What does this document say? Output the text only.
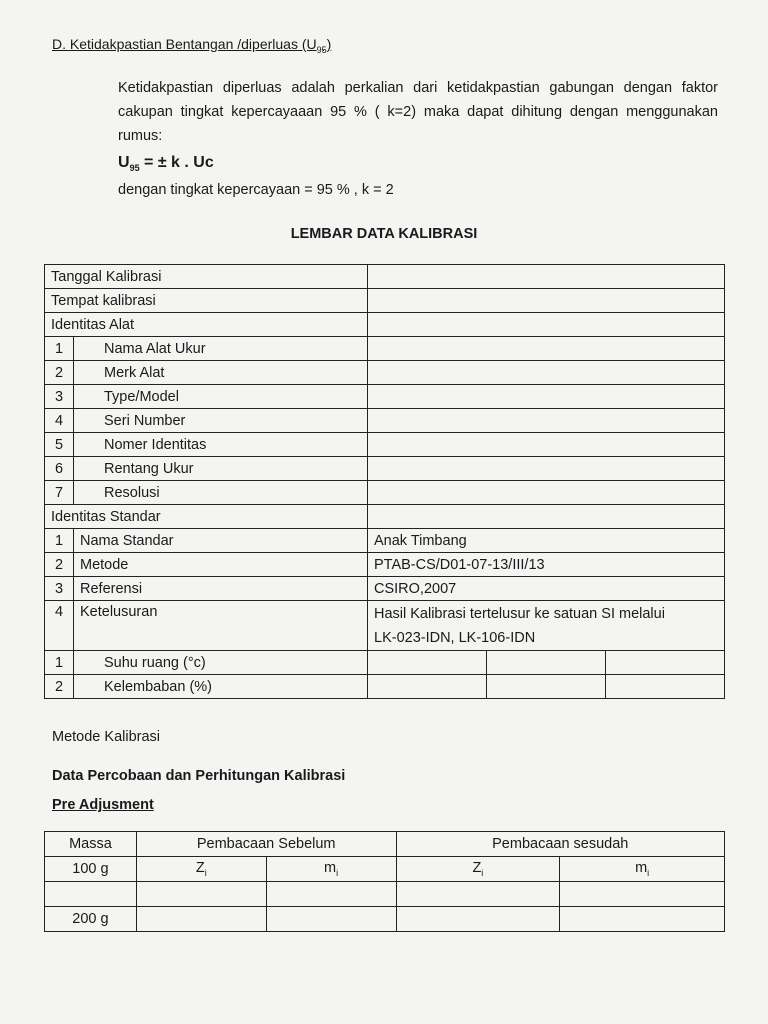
D. Ketidakpastian Bentangan /diperluas $(U_{95})$
Ketidakpastian diperluas adalah perkalian dari ketidakpastian gabungan dengan faktor cakupan tingkat kepercayaaan 95 % ( k=2) maka dapat dihitung dengan menggunakan rumus:
$U_{95}$ = ± k . Uc
dengan tingkat kepercayaan = 95 % , k = 2
LEMBAR DATA KALIBRASI
Tanggal Kalibrasi		
Tempat kalibrasi		
Identitas Alat		
1	Nama Alat Ukur	
2	Merk Alat	
3	Type/Model	
4	Seri Number	
5	Nomer Identitas	
6	Rentang Ukur	
7	Resolusi	
Identitas Standar		
1	Nama Standar	Anak Timbang
2	Metode	PTAB-CS/D01-07-13/III/13
3	Referensi	CSIRO,2007
4	Ketelusuran	Hasil Kalibrasi tertelusur ke satuan SI melalui
LK-023-IDN, LK-106-IDN

1	Suhu ruang (°c)	

2	Kelembaban (%)	
Metode Kalibrasi
Data Percobaan dan Perhitungan Kalibrasi
Pre Adjusment
Massa	Pembacaan Sebelum		Pembacaan sesudah	
100 g	$Z_i$	$m_i$	$Z_i$	$m_i$

200 g				
